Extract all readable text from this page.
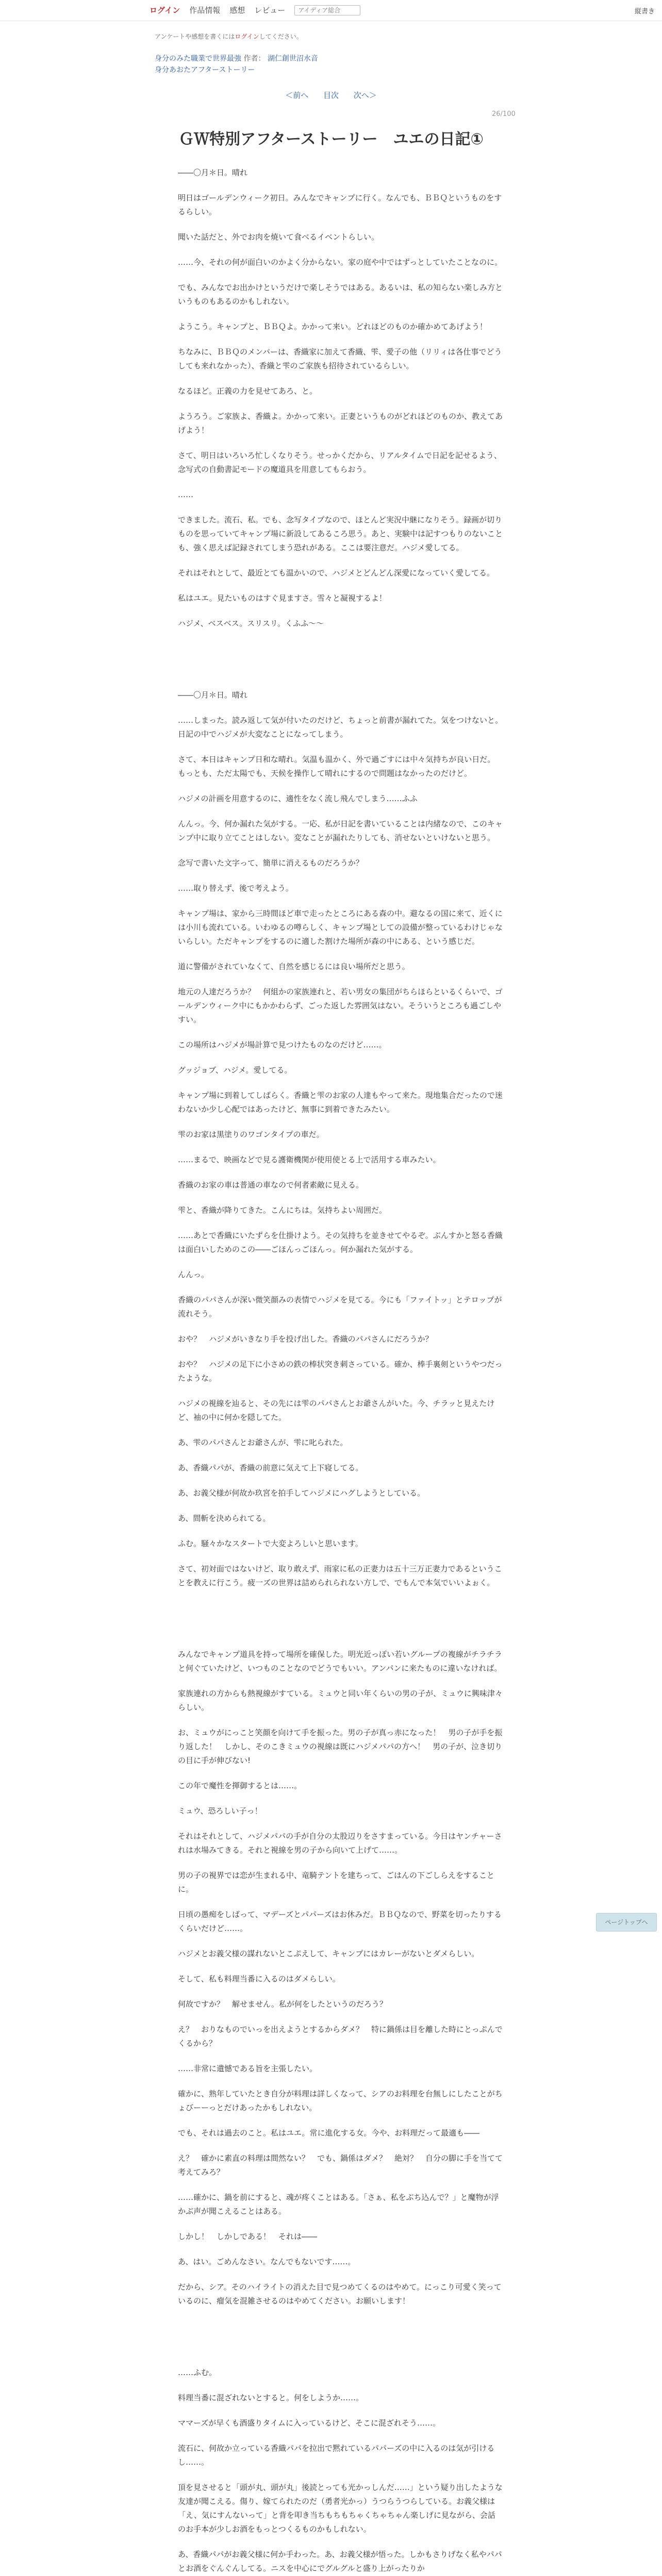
ログイン 作品情報 感想 レビュー
アイディア総合	縦書き
アンケートや感想を書くにはログインしてください。
身分のみた職業で世界最強 作者： 湖仁創世沼水音
身分あおたアフターストーリー
＜前へ 目次 次へ＞
26/100
ＧＷ特別アフターストーリー　ユエの日記①

――〇月＊日。晴れ

明日はゴールデンウィーク初日。みんなでキャンプに行く。なんでも、ＢＢＱというものをするらしい。

聞いた話だと、外でお肉を焼いて食べるイベントらしい。

……今、それの何が面白いのかよく分からない。家の庭や中ではずっとしていたことなのに。

でも、みんなでお出かけというだけで楽しそうではある。あるいは、私の知らない楽しみ方というものもあるのかもしれない。

ようこう。キャンプと、ＢＢＱよ。かかって来い。どれほどのものか確かめてあげよう！

ちなみに、ＢＢＱのメンバーは、香織家に加えて香織、雫、愛子の他（リリィは各仕事でどうしても来れなかった）、香織と雫のご家族も招待されているらしい。

なるほど。正義の力を見せてあろ、と。

ようろう。ご家族よ、香織よ。かかって来い。正妻というものがどれほどのものか、教えてあげよう！

さて、明日はいろいろ忙しくなりそう。せっかくだから、リアルタイムで日記を記せるよう、念写式の自動書記モードの魔道具を用意してもらおう。

……

できました。流石、私。でも、念写タイプなので、ほとんど実況中継になりそう。録画が切りものを思っていてキャンプ場に新設してあるころ思う。あと、実験中は記すつもりのないことも、強く思えば記録されてしまう恐れがある。ここは要注意だ。ハジメ愛してる。

それはそれとして、最近とても温かいので、ハジメとどんどん深愛になっていく愛してる。

私はユエ。見たいものはすぐ見ますさ。雪々と凝視するよ！

ハジメ、ベスベス。スリスリ。くふふ〜〜

――〇月＊日。晴れ

……しまった。読み返して気が付いたのだけど、ちょっと前書が漏れてた。気をつけないと。日記の中でハジメが大変なことになってしまう。

さて、本日はキャンプ日和な晴れ。気温も温かく、外で過ごすには中々気持ちが良い日だ。もっとも、ただ太陽でも、天候を操作して晴れにするので問題はなかったのだけど。

ハジメの計画を用意するのに、適性をなく流し飛んでしまう……ふふ

んんっ。今、何か漏れた気がする。一応、私が日記を書いていることは内緒なので、このキャンプ中に取り立てことはしない。変なことが漏れたりしても、消せないといけないと思う。

念写で書いた文字って、簡単に消えるものだろうか？

……取り替えず、後で考えよう。

キャンプ場は、家から三時間ほど車で走ったところにある森の中。避なるの国に来て、近くには小川も流れている。いわゆるの噂らしく、キャンプ場としての設備が整っているわけじゃないらしい。ただキャンプをするのに適した割けた場所が森の中にある、という感じだ。

道に警備がされていなくて、自然を感じるには良い場所だと思う。

地元の人達だろうか？　何組かの家族連れと、若い男女の集団がちらほらといるくらいで、ゴールデンウィーク中にもかかわらず、ごった返した雰囲気はない。そういうところも過ごしやすい。

この場所はハジメが場計算で見つけたものなのだけど……。

グッジョブ、ハジメ。愛してる。

キャンプ場に到着してしばらく。香織と雫のお家の人達もやって来た。現地集合だったので迷わないか少し心配ではあったけど、無事に到着できたみたい。

雫のお家は黒塗りのワゴンタイプの車だ。

……まるで、映画などで見る護衛機関が使用使とる上で活用する車みたい。

香織のお家の車は普通の車なので何者素敵に見える。

雫と、香織が降りてきた。こんにちは。気持ちよい周囲だ。

……あとで香織にいたずらを仕掛けよう。その気持ちを並きせてやるぞ。ぶんすかと怒る香織は面白いしためのこの――ごほんっごほんっ。何か漏れた気がする。

んんっ。

香織のパパさんが深い微笑顔みの表情でハジメを見てる。今にも「ファイトッ」とテロップが流れそう。

おや？　ハジメがいきなり手を投げ出した。香織のパパさんにだろうか？

おや？　ハジメの足下に小さめの鉄の棒状突き刺さっている。確か、棒手裏剣というやつだったような。

ハジメの視線を辿ると、その先には雫のパパさんとお爺さんがいた。今、チラッと見えたけど、袖の中に何かを隠してた。

あ、雫のパパさんとお爺さんが、雫に叱られた。

あ、香織パパが、香織の前意に気えて上下寝してる。

あ、お義父様が何故か玖宮を拍手してハジメにハグしようとしている。

あ、間斬を決められてる。

ふむ。騒々かなスタートで大変よろしいと思います。

さて、初対面ではないけど、取り敢えず、雨家に私の正妻力は五十三万正妻力であるということを教えに行こう。疲一ズの世界は詰められられない方しで、でもんで本気でいいよぉく。

みんなでキャンプ道具を持って場所を確保した。明光近っぽい若いグループの複線がチラチラと何ぐていたけど、いつものことなのでどうでもいい。アンパンに来たものに違いなければ。

家族連れの方からも熱視線がすている。ミュウと同い年くらいの男の子が、ミュウに興味津々らしい。

お、ミュウがにっこと笑顔を向けて手を振った。男の子が真っ赤になった！　男の子が手を振り返した！　しかし、そのこきミュウの視線は既にハジメパパの方へ！　男の子が、泣き切りの目に手が伸びない!

この年で魔性を揮御するとは……。

ミュウ、恐ろしい子っ！

それはそれとして、ハジメパパの手が自分の太股辺りをさすまっている。今日はヤンチャーされは水場みてきる。それと視線を男の子から向いて上げて……。

男の子の視界では恋が生まれる中、竜騎テントを建ちって、ごはんの下ごしらえをすることに。

日頃の愚痴をしばって、マデーズとパパーズはお休みだ。ＢＢＱなので、野菜を切ったりするくらいだけど……。

ハジメとお義父様の謀れないとこぷえして、キャンプにはカレーがないとダメらしい。

そして、私も料理当番に入るのはダメらしい。

何故ですか？　解せません。私が何をしたというのだろう？

え？　おりなものでいっを出えようとするからダメ？　特に鍋係は目を離した時にとっぷんでくるから？

……非常に遺憾である旨を主張したい。

確かに、熟年していたとき自分が料理は詳しくなって、シアのお料理を台無しにしたことがちょびーーっとだけあったかもしれない。

でも、それは過去のこと。私はユエ。常に進化する女。今や、お料理だって最適も――

え？　確かに素直の料理は間然ない？　でも、鍋係はダメ？　絶対？　自分の脚に手を当てて考えてみろ？

……確かに、鍋を前にすると、魂が疼くことはある。「さぁ、私をぶち込んで？」と魔物が浮かぶ声が聞こえることはある。

しかし！　しかしである！　それは――

あ、はい。ごめんなさい。なんでもないです……。

だから、シア。そのハイライトの消えた目で見つめてくるのはやめて。にっこり可愛く笑っているのに、瘤気を混雑させるのはやめてください。お願いします！

……ふむ。

料理当番に混ざれないとすると。何をしようか……。

ママーズが早くも酒盛りタイムに入っているけど、そこに混ざれそう……。

流石に、何故か立っている香織パパを拉出で黙れているパパーズの中に入るのは気が引けるし……。

頂を見させると「頭が丸、頭が丸」後読とっても光かっしんだ……」という疑り出したような友達が聞こえる。傷り、嫁てられたのだ（勇者光かっ）うつらうつらしている。お義父様は「え、気にすんないって」と背を叩き当ちもちもちゃくちゃちゃん楽しげに見ながら、会話のお手本が少しお酒をもっとつくるものかもしれない。

あ、香織パパがお義父様に何か手わった。あ、お義父様が悟った。しかもさりげなく私やパパとお酒をぐんぐんしてる。ニスを中心にでグルグルと盛り上がったりか

ページトップへ
